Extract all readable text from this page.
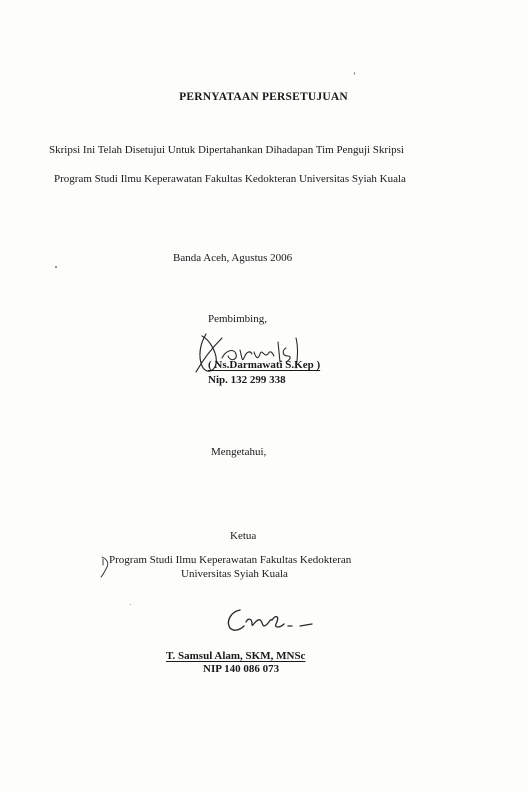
PERNYATAAN PERSETUJUAN
Skripsi Ini Telah Disetujui Untuk Dipertahankan Dihadapan Tim Penguji Skripsi
Program Studi Ilmu Keperawatan Fakultas Kedokteran Universitas Syiah Kuala
Banda Aceh, Agustus 2006
Pembimbing,
( Ns.Darmawati S.Kep )
Nip. 132 299 338
Mengetahui,
Ketua
Program Studi Ilmu Keperawatan Fakultas Kedokteran
Universitas Syiah Kuala
T. Samsul Alam, SKM, MNSc
NIP 140 086 073
